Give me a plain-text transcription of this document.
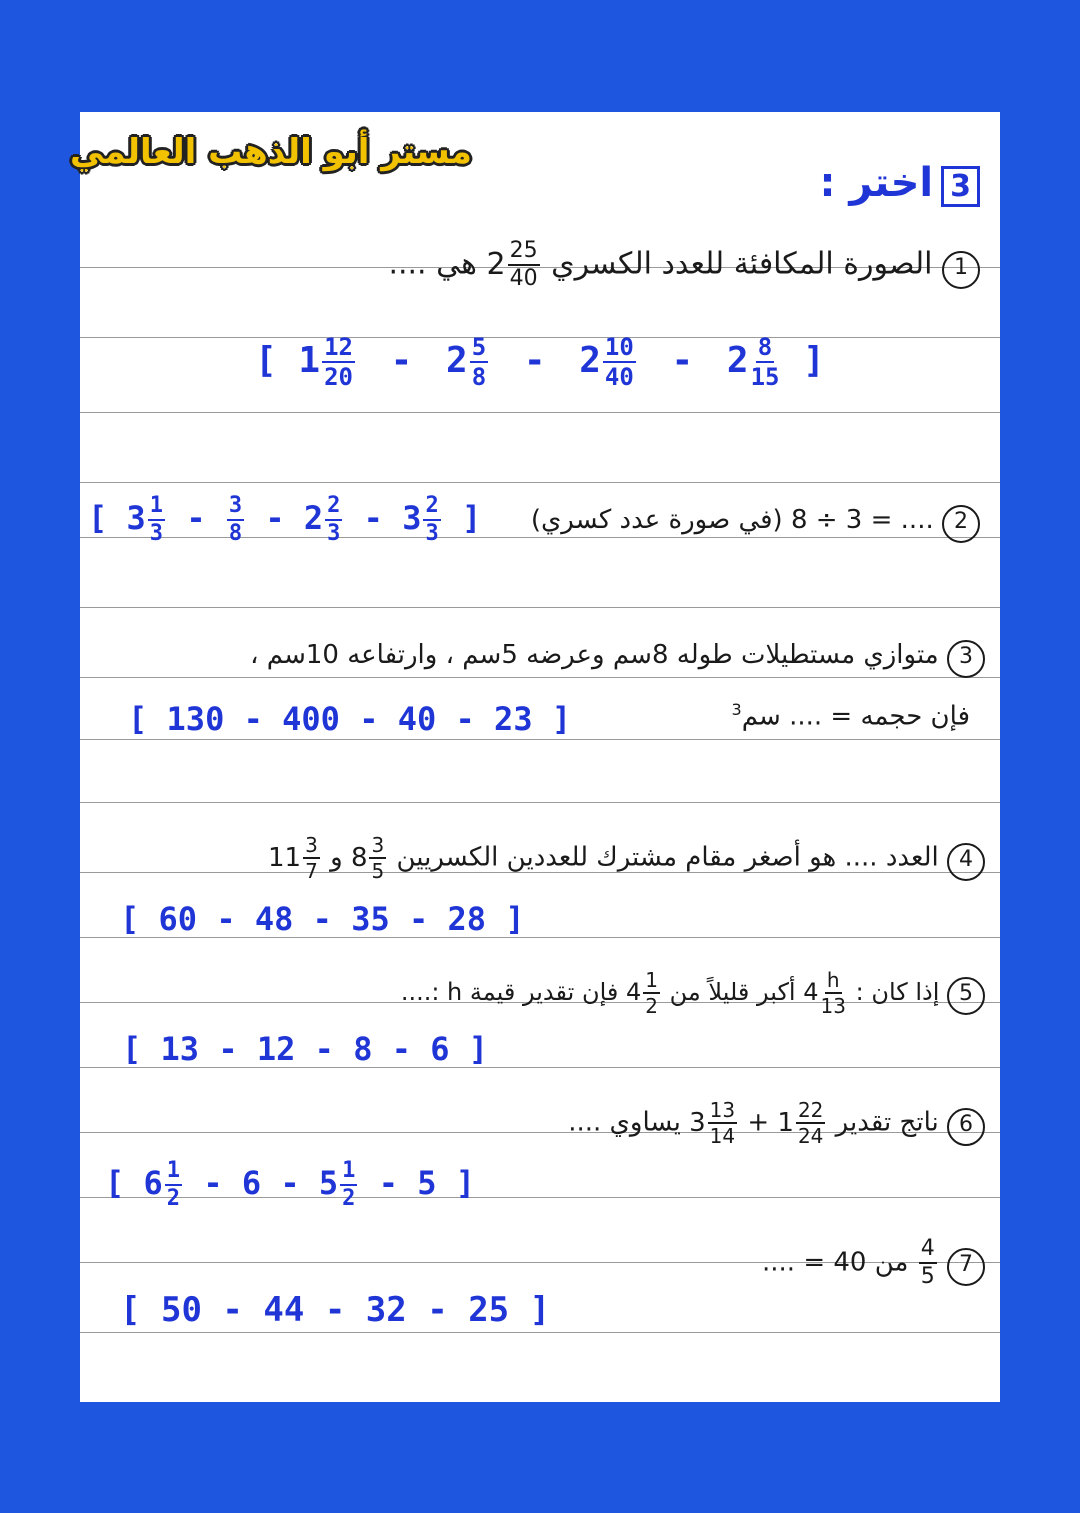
مستر أبو الذهب العالمي
3اختر :
1 الصورة المكافئة للعدد الكسري $2 \frac{25}{40}$
هي ....
[ $1 \frac{12}{20} - 2 \frac{5}{8} - 2 \frac{10}{40} - 2 \frac{8}{15}$ ]
2 8 ÷ 3 = .... (في صورة عدد كسري)
[ $3 \frac{1}{3} - \frac{3}{8} - 2 \frac{2}{3} - 3 \frac{2}{3}$ ]
3 متوازي مستطيلات طوله 8سم وعرضه 5سم ، وارتفاعه 10سم ،
فإن حجمه = .... سم$^3$
[ 130 - 400 - 40 - 23 ]
4 العدد .... هو أصغر مقام مشترك للعددين الكسريين $8 \frac{3}{5}$
و $11 \frac{3}{7}$
[ 60 - 48 - 35 - 28 ]
5 إذا كان : $4 \frac{h}{13}$
أكبر قليلاً من $4 \frac{1}{2}$
فإن تقدير قيمة h :....
[ 13 - 12 - 8 - 6 ]
6 ناتج تقدير $1 \frac{22}{24}$
+ $3 \frac{13}{14}$
يساوي ....
[ $6 \frac{1}{2} - 6 - 5 \frac{1}{2} - 5$ ]
7
$\frac{4}{5}$
من 40 = ....
[ 50 - 44 - 32 - 25 ]
